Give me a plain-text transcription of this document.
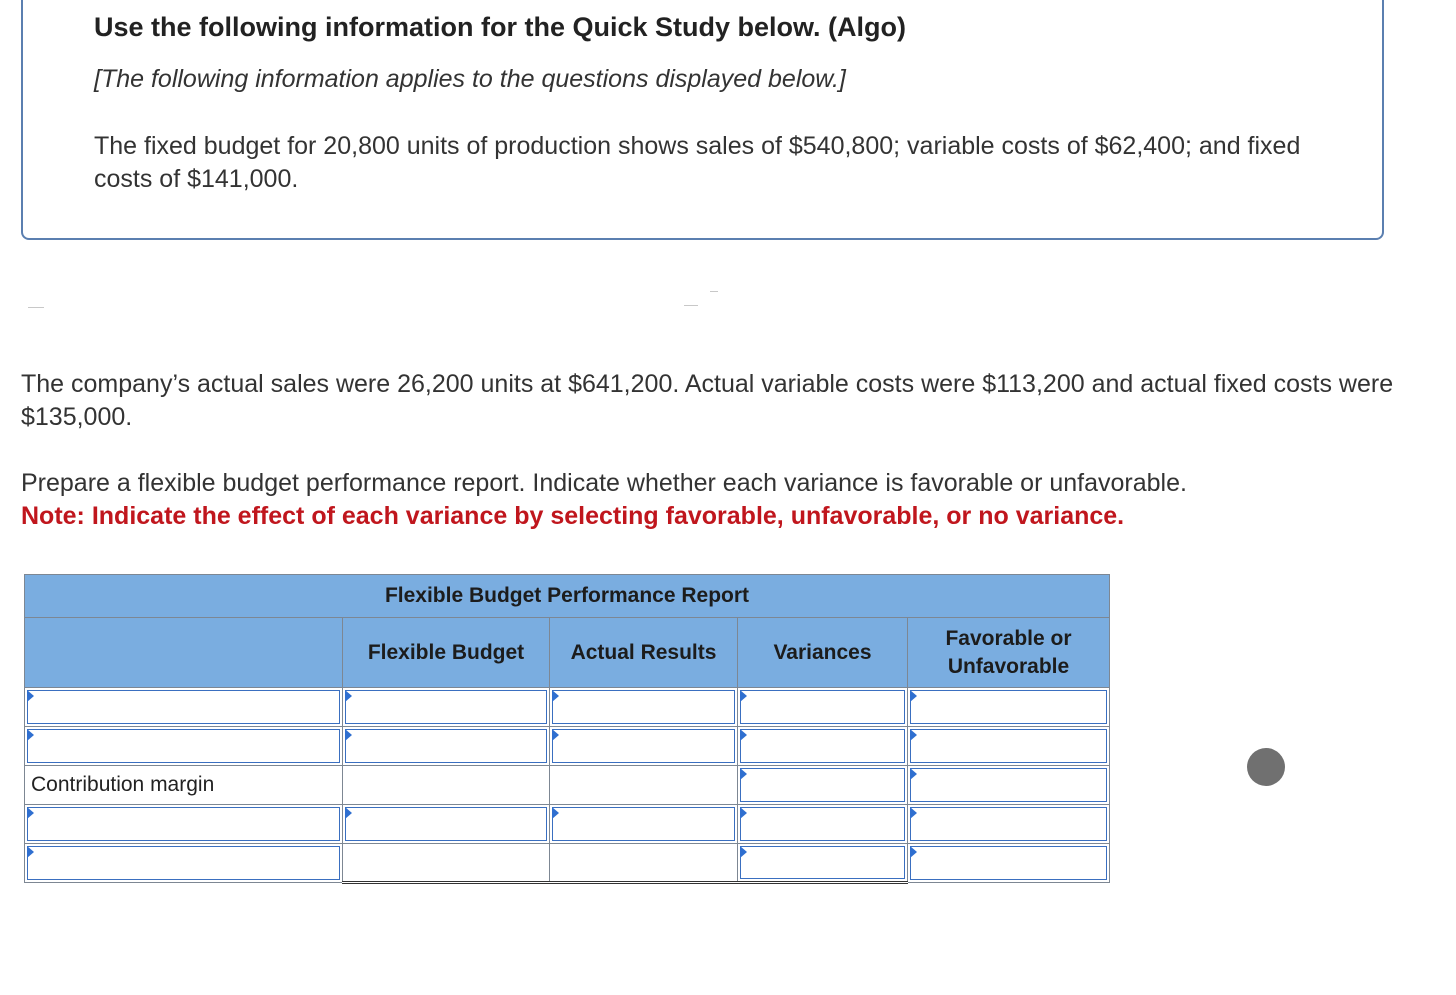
Use the following information for the Quick Study below. (Algo)

[The following information applies to the questions displayed below.]

The fixed budget for 20,800 units of production shows sales of $540,800; variable costs of $62,400; and fixed costs of $141,000.

The company’s actual sales were 26,200 units at $641,200. Actual variable costs were $113,200 and actual fixed costs were $135,000.

Prepare a flexible budget performance report. Indicate whether each variance is favorable or unfavorable.
Note: Indicate the effect of each variance by selecting favorable, unfavorable, or no variance.

Flexible Budget Performance Report				
	Flexible Budget	Actual Results	Variances	Favorable or Unfavorable

Contribution margin			
